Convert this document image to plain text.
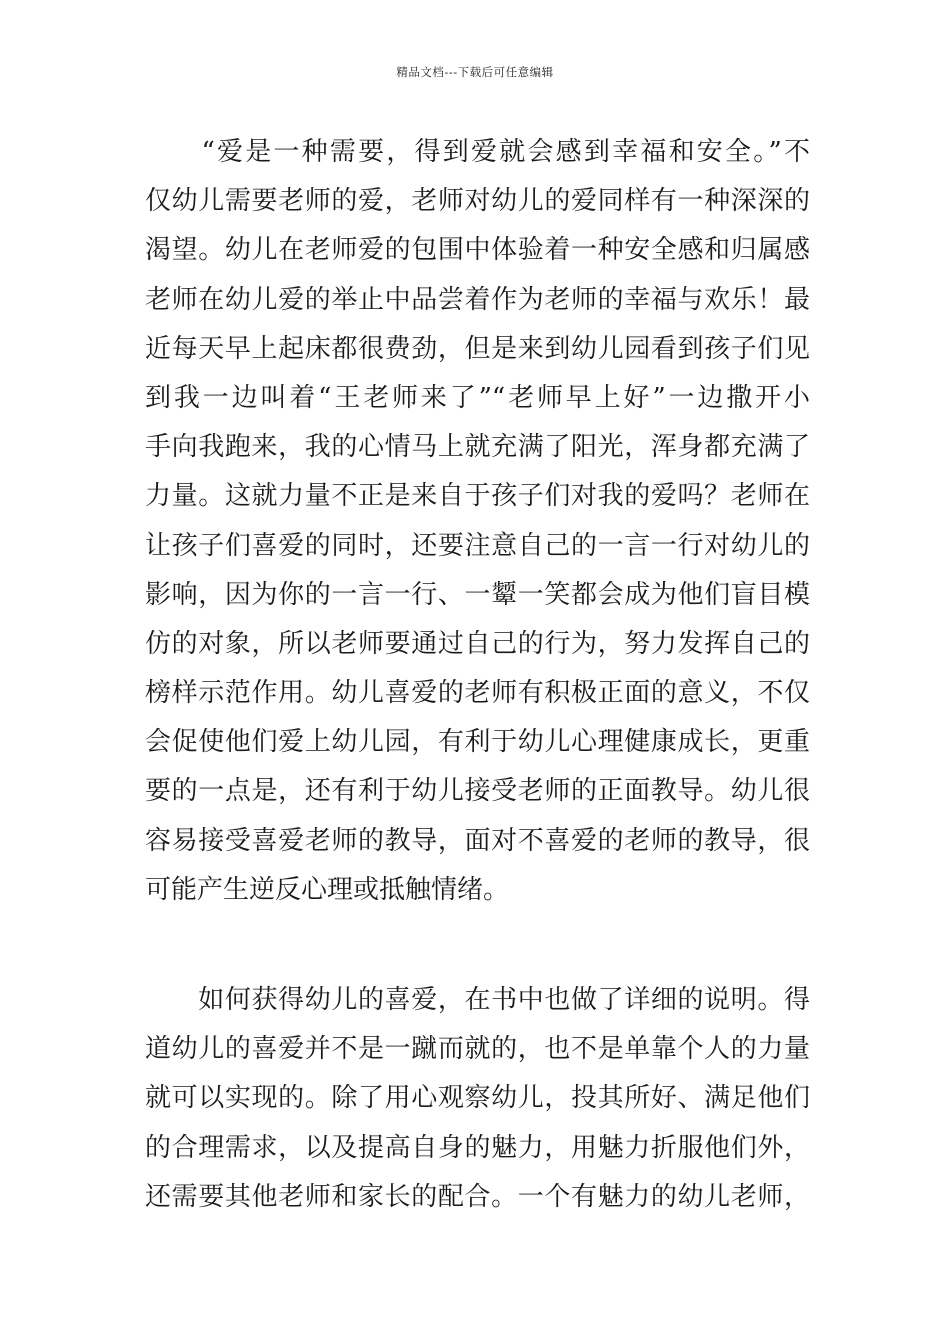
精品文档---下载后可任意编辑
　　“爱是一种需要，得到爱就会感到幸福和安全。”不
仅幼儿需要老师的爱，老师对幼儿的爱同样有一种深深的
渴望。幼儿在老师爱的包围中体验着一种安全感和归属感
老师在幼儿爱的举止中品尝着作为老师的幸福与欢乐！最
近每天早上起床都很费劲，但是来到幼儿园看到孩子们见
到我一边叫着“王老师来了”“老师早上好”一边撒开小
手向我跑来，我的心情马上就充满了阳光，浑身都充满了
力量。这就力量不正是来自于孩子们对我的爱吗？老师在
让孩子们喜爱的同时，还要注意自己的一言一行对幼儿的
影响，因为你的一言一行、一颦一笑都会成为他们盲目模
仿的对象，所以老师要通过自己的行为，努力发挥自己的
榜样示范作用。幼儿喜爱的老师有积极正面的意义，不仅
会促使他们爱上幼儿园，有利于幼儿心理健康成长，更重
要的一点是，还有利于幼儿接受老师的正面教导。幼儿很
容易接受喜爱老师的教导，面对不喜爱的老师的教导，很
可能产生逆反心理或抵触情绪。
　　如何获得幼儿的喜爱，在书中也做了详细的说明。得
道幼儿的喜爱并不是一蹴而就的，也不是单靠个人的力量
就可以实现的。除了用心观察幼儿，投其所好、满足他们
的合理需求，以及提高自身的魅力，用魅力折服他们外，
还需要其他老师和家长的配合。一个有魅力的幼儿老师，
